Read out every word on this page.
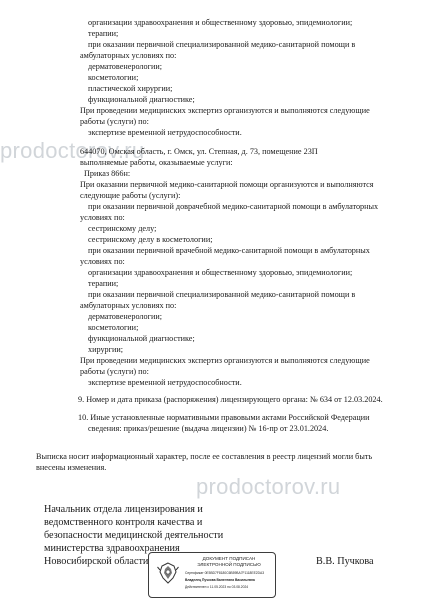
организации здравоохранения и общественному здоровью, эпидемиологии;
терапии;
при оказании первичной специализированной медико-санитарной помощи в
амбулаторных условиях по:
дерматовенерологии;
косметологии;
пластической хирургии;
функциональной диагностике;
При проведении медицинских экспертиз организуются и выполняются следующие
работы (услуги) по:
экспертизе временной нетрудоспособности.
prodoctorov.ru
644070, Омская область, г. Омск, ул. Степная, д. 73, помещение 23П
выполняемые работы, оказываемые услуги:
Приказ 866н:
При оказании первичной медико-санитарной помощи организуются и выполняются
следующие работы (услуги):
при оказании первичной доврачебной медико-санитарной помощи в амбулаторных
условиях по:
сестринскому делу;
сестринскому делу в косметологии;
при оказании первичной врачебной медико-санитарной помощи в амбулаторных
условиях по:
организации здравоохранения и общественному здоровью, эпидемиологии;
терапии;
при оказании первичной специализированной медико-санитарной помощи в
амбулаторных условиях по:
дерматовенерологии;
косметологии;
функциональной диагностике;
хирургии;
При проведении медицинских экспертиз организуются и выполняются следующие
работы (услуги) по:
экспертизе временной нетрудоспособности.
9. Номер и дата приказа (распоряжения) лицензирующего органа: № 634 от 12.03.2024.
10. Иные установленные нормативными правовыми актами Российской Федерации
сведения: приказ/решение (выдача лицензии) № 16-пр от 23.01.2024.
Выписка носит информационный характер, после ее составления в реестр лицензий могли быть
внесены изменения.
prodoctorov.ru
Начальник отдела лицензирования и
ведомственного контроля качества и
безопасности медицинской деятельности
министерства здравоохранения
Новосибирской области	В.В. Пучкова
ДОКУМЕНТ ПОДПИСАН
ЭЛЕКТРОННОЙ ПОДПИСЬЮ
Сертификат 0E5BD7F8180C6B59BA7F1118EE2DA3
Владелец Пучкова Валентина Васильевна
Действителен с 11.05.2023 по 03.08.2024
